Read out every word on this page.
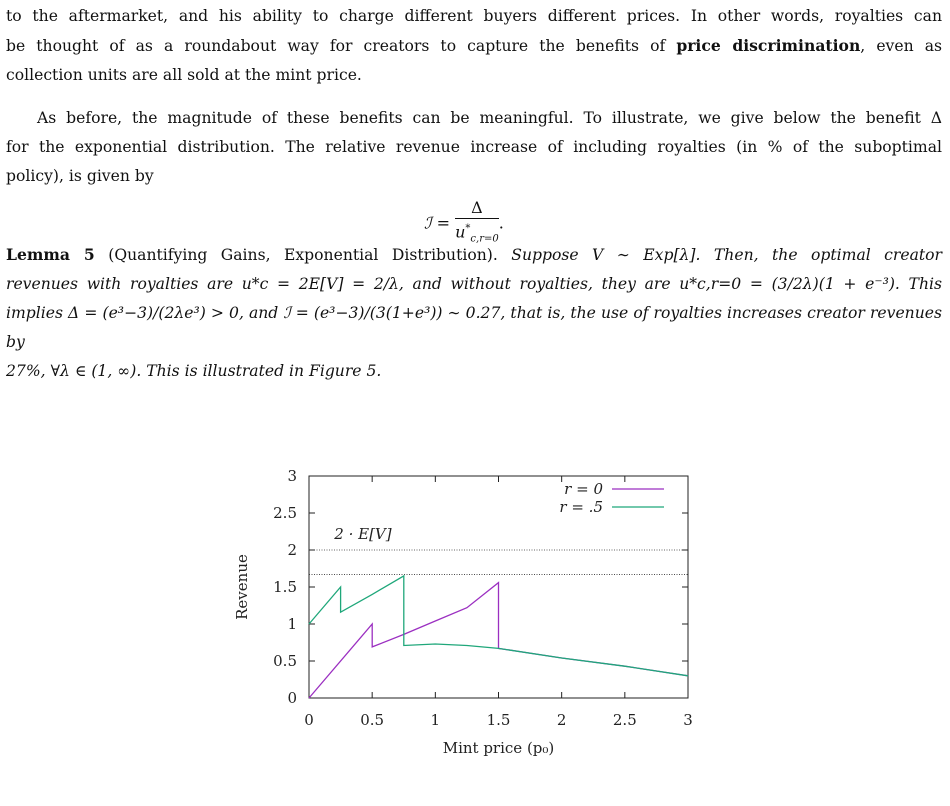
to the aftermarket, and his ability to charge different buyers different prices. In other words, royalties can
be thought of as a roundabout way for creators to capture the benefits of price discrimination, even as
collection units are all sold at the mint price.
As before, the magnitude of these benefits can be meaningful. To illustrate, we give below the benefit Δ
for the exponential distribution. The relative revenue increase of including royalties (in % of the suboptimal
policy), is given by
ℐ = $\frac{\Delta}{u^*_{c,r=0}}$ .
Lemma 5 (Quantifying Gains, Exponential Distribution). Suppose V ∼ Exp[λ]. Then, the optimal creator
revenues with royalties are u*c = 2E[V] = 2/λ, and without royalties, they are u*c,r=0 = (3/2λ)(1 + e⁻³). This
implies Δ = (e³−3)/(2λe³) > 0, and ℐ = (e³−3)/(3(1+e³)) ∼ 0.27, that is, the use of royalties increases creator revenues by
27%, ∀λ ∈ (1, ∞). This is illustrated in Figure 5.
0	0.5	1	1.5	2	2.5	3
0
0.5
1
1.5
2
2.5
3
Mint price (p₀)
Revenue
2 · E[V]
r = 0
r = .5
